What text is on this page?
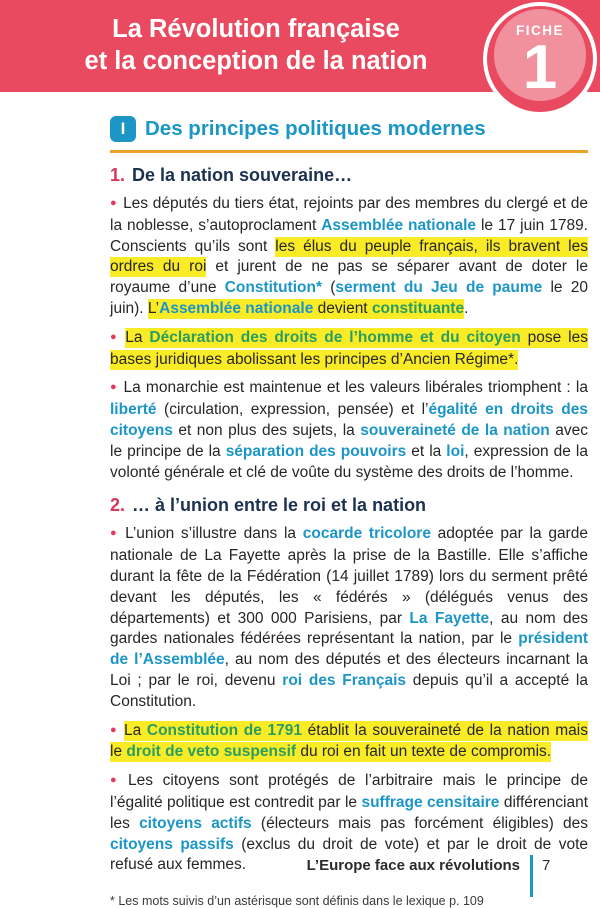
La Révolution française
et la conception de la nation
FICHE
1
I Des principes politiques modernes
1. De la nation souveraine…

● Les députés du tiers état, rejoints par des membres du clergé et de la noblesse, s’autoproclament Assemblée nationale le 17 juin 1789. Conscients qu’ils sont les élus du peuple français, ils bravent les ordres du roi et jurent de ne pas se séparer avant de doter le royaume d’une Constitution* (serment du Jeu de paume le 20 juin). L’Assemblée nationale devient constituante.

● La Déclaration des droits de l’homme et du citoyen pose les bases juridiques abolissant les principes d’Ancien Régime*.

● La monarchie est maintenue et les valeurs libérales triomphent : la liberté (circulation, expression, pensée) et l’égalité en droits des citoyens et non plus des sujets, la souveraineté de la nation avec le principe de la séparation des pouvoirs et la loi, expression de la volonté générale et clé de voûte du système des droits de l’homme.

2. … à l’union entre le roi et la nation

● L’union s’illustre dans la cocarde tricolore adoptée par la garde nationale de La Fayette après la prise de la Bastille. Elle s’affiche durant la fête de la Fédération (14 juillet 1789) lors du serment prêté devant les députés, les « fédérés » (délégués venus des départements) et 300 000 Parisiens, par La Fayette, au nom des gardes nationales fédérées représentant la nation, par le président de l’Assemblée, au nom des députés et des électeurs incarnant la Loi ; par le roi, devenu roi des Français depuis qu’il a accepté la Constitution.

● La Constitution de 1791 établit la souveraineté de la nation mais le droit de veto suspensif du roi en fait un texte de compromis.

● Les citoyens sont protégés de l’arbitraire mais le principe de l’égalité politique est contredit par le suffrage censitaire différenciant les citoyens actifs (électeurs mais pas forcément éligibles) des citoyens passifs (exclus du droit de vote) et par le droit de vote refusé aux femmes.

* Les mots suivis d’un astérisque sont définis dans le lexique p. 109
L’Europe face aux révolutions 7
